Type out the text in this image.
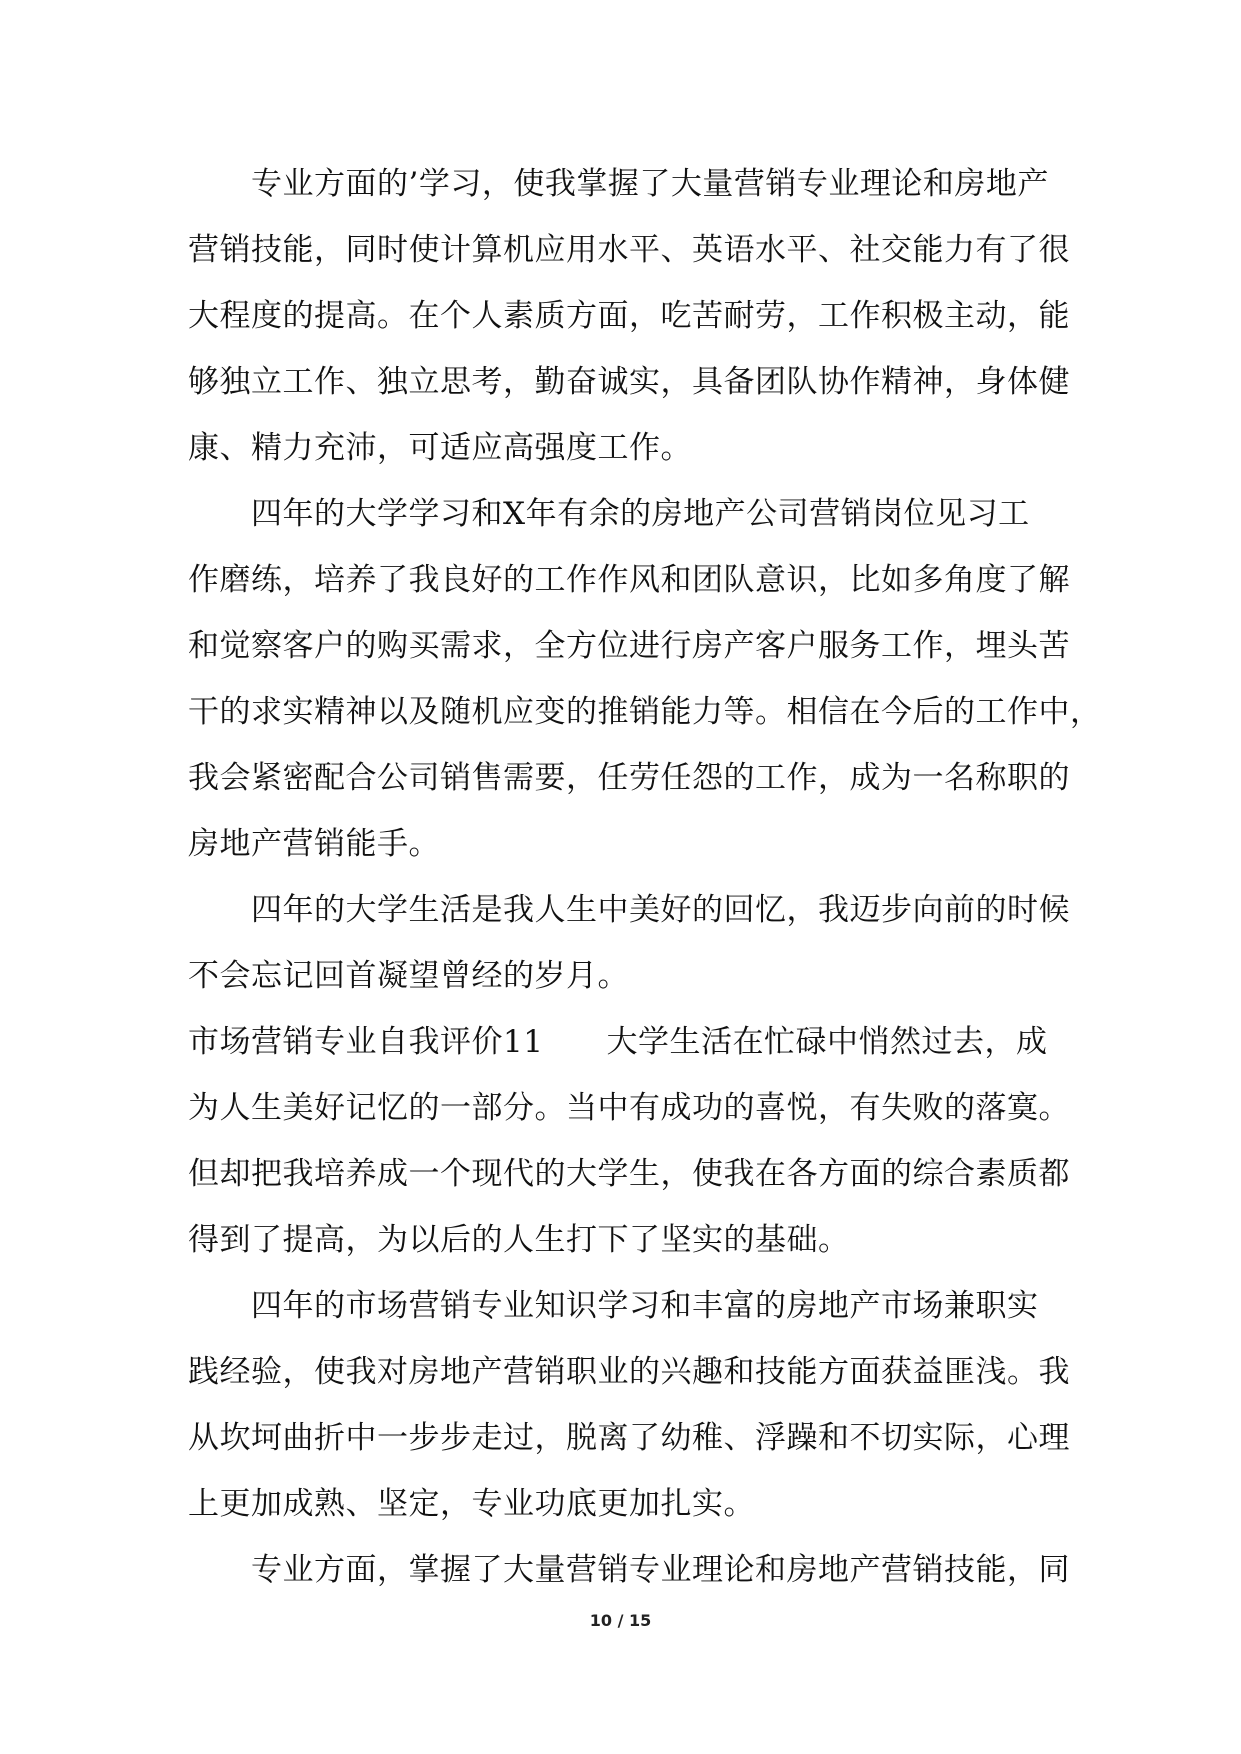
　　专业方面的’学习，使我掌握了大量营销专业理论和房地产
营销技能，同时使计算机应用水平、英语水平、社交能力有了很
大程度的提高。在个人素质方面，吃苦耐劳，工作积极主动，能
够独立工作、独立思考，勤奋诚实，具备团队协作精神，身体健
康、精力充沛，可适应高强度工作。
　　四年的大学学习和X年有余的房地产公司营销岗位见习工
作磨练，培养了我良好的工作作风和团队意识，比如多角度了解
和觉察客户的购买需求，全方位进行房产客户服务工作，埋头苦
干的求实精神以及随机应变的推销能力等。相信在今后的工作中，
我会紧密配合公司销售需要，任劳任怨的工作，成为一名称职的
房地产营销能手。
　　四年的大学生活是我人生中美好的回忆，我迈步向前的时候
不会忘记回首凝望曾经的岁月。
市场营销专业自我评价11　　大学生活在忙碌中悄然过去，成
为人生美好记忆的一部分。当中有成功的喜悦，有失败的落寞。
但却把我培养成一个现代的大学生，使我在各方面的综合素质都
得到了提高，为以后的人生打下了坚实的基础。
　　四年的市场营销专业知识学习和丰富的房地产市场兼职实
践经验，使我对房地产营销职业的兴趣和技能方面获益匪浅。我
从坎坷曲折中一步步走过，脱离了幼稚、浮躁和不切实际，心理
上更加成熟、坚定，专业功底更加扎实。
　　专业方面，掌握了大量营销专业理论和房地产营销技能，同
10 / 15
